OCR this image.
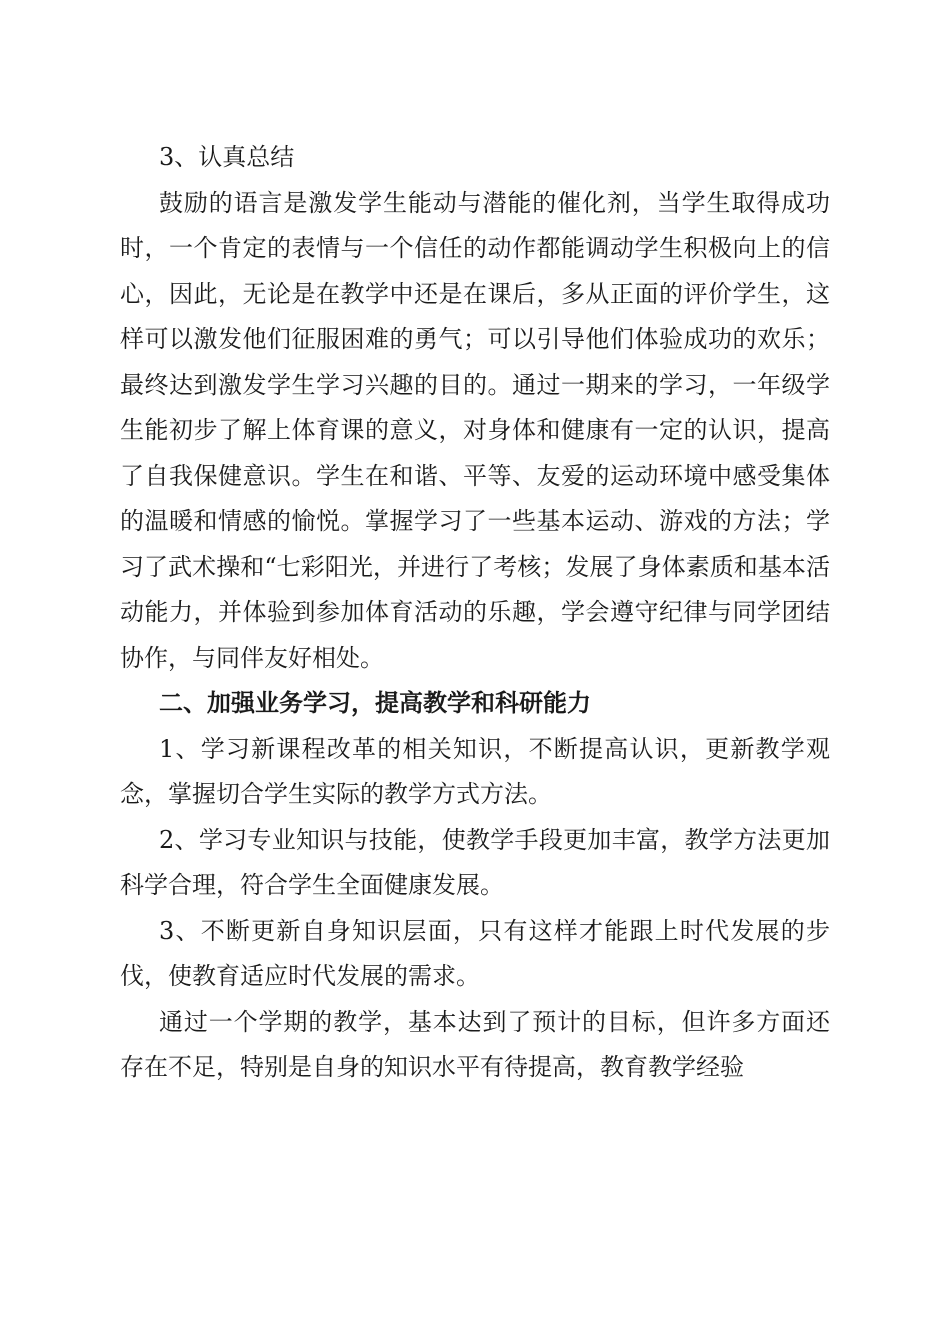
3、认真总结

鼓励的语言是激发学生能动与潜能的催化剂，当学生取得成功时，一个肯定的表情与一个信任的动作都能调动学生积极向上的信心，因此，无论是在教学中还是在课后，多从正面的评价学生，这样可以激发他们征服困难的勇气；可以引导他们体验成功的欢乐；最终达到激发学生学习兴趣的目的。通过一期来的学习，一年级学生能初步了解上体育课的意义，对身体和健康有一定的认识，提高了自我保健意识。学生在和谐、平等、友爱的运动环境中感受集体的温暖和情感的愉悦。掌握学习了一些基本运动、游戏的方法；学习了武术操和“七彩阳光，并进行了考核；发展了身体素质和基本活动能力，并体验到参加体育活动的乐趣，学会遵守纪律与同学团结协作，与同伴友好相处。

二、加强业务学习，提高教学和科研能力

1、学习新课程改革的相关知识，不断提高认识，更新教学观念，掌握切合学生实际的教学方式方法。

2、学习专业知识与技能，使教学手段更加丰富，教学方法更加科学合理，符合学生全面健康发展。

3、不断更新自身知识层面，只有这样才能跟上时代发展的步伐，使教育适应时代发展的需求。

通过一个学期的教学，基本达到了预计的目标，但许多方面还存在不足，特别是自身的知识水平有待提高，教育教学经验
